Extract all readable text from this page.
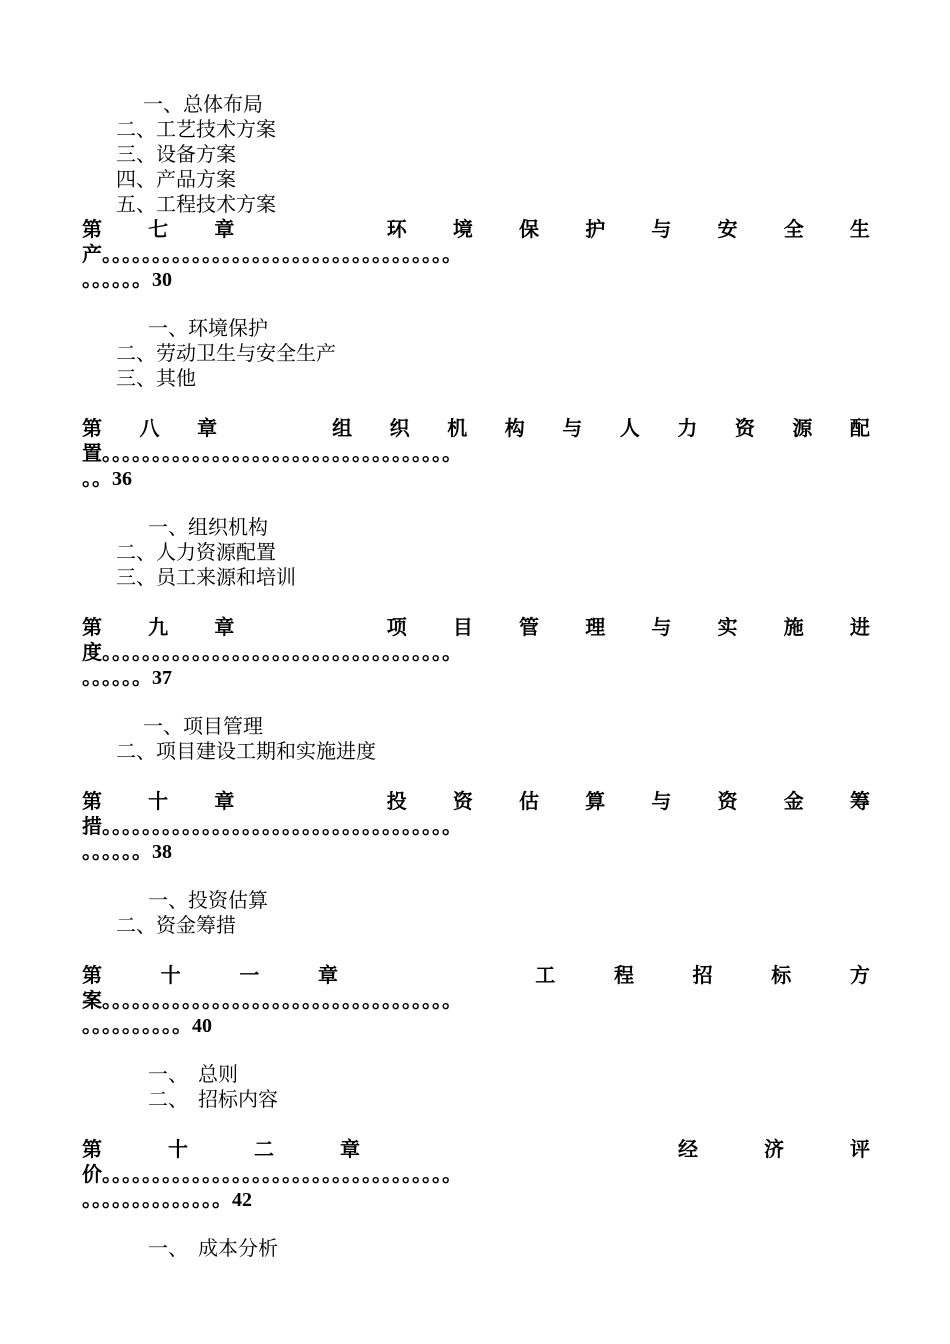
一、总体布局
二、工艺技术方案
三、设备方案
四、产品方案
五、工程技术方案
第 七 章	环 境 保 护 与 安 全 生
产。。。。。。。。。。。。。。。。。。。。。。。。。。。。。。。。。。。
。。。。。。30
一、环境保护
二、劳动卫生与安全生产
三、其他
第 八 章	组 织 机 构 与 人 力 资 源 配
置。。。。。。。。。。。。。。。。。。。。。。。。。。。。。。。。。。。
。。36
一、组织机构
二、人力资源配置
三、员工来源和培训
第 九 章	项 目 管 理 与 实 施 进
度。。。。。。。。。。。。。。。。。。。。。。。。。。。。。。。。。。。
。。。。。。37
一、项目管理
二、项目建设工期和实施进度
第 十 章	投 资 估 算 与 资 金 筹
措。。。。。。。。。。。。。。。。。。。。。。。。。。。。。。。。。。。
。。。。。。38
一、投资估算
二、资金筹措
第	十	一	章	工	程	招	标	方
案。。。。。。。。。。。。。。。。。。。。。。。。。。。。。。。。。。。
。。。。。。。。。。40
一、　总则
二、　招标内容
第	十	二	章	经	济	评
价。。。。。。。。。。。。。。。。。。。。。。。。。。。。。。。。。。。
。。。。。。。。。。。。。。42
一、　成本分析
